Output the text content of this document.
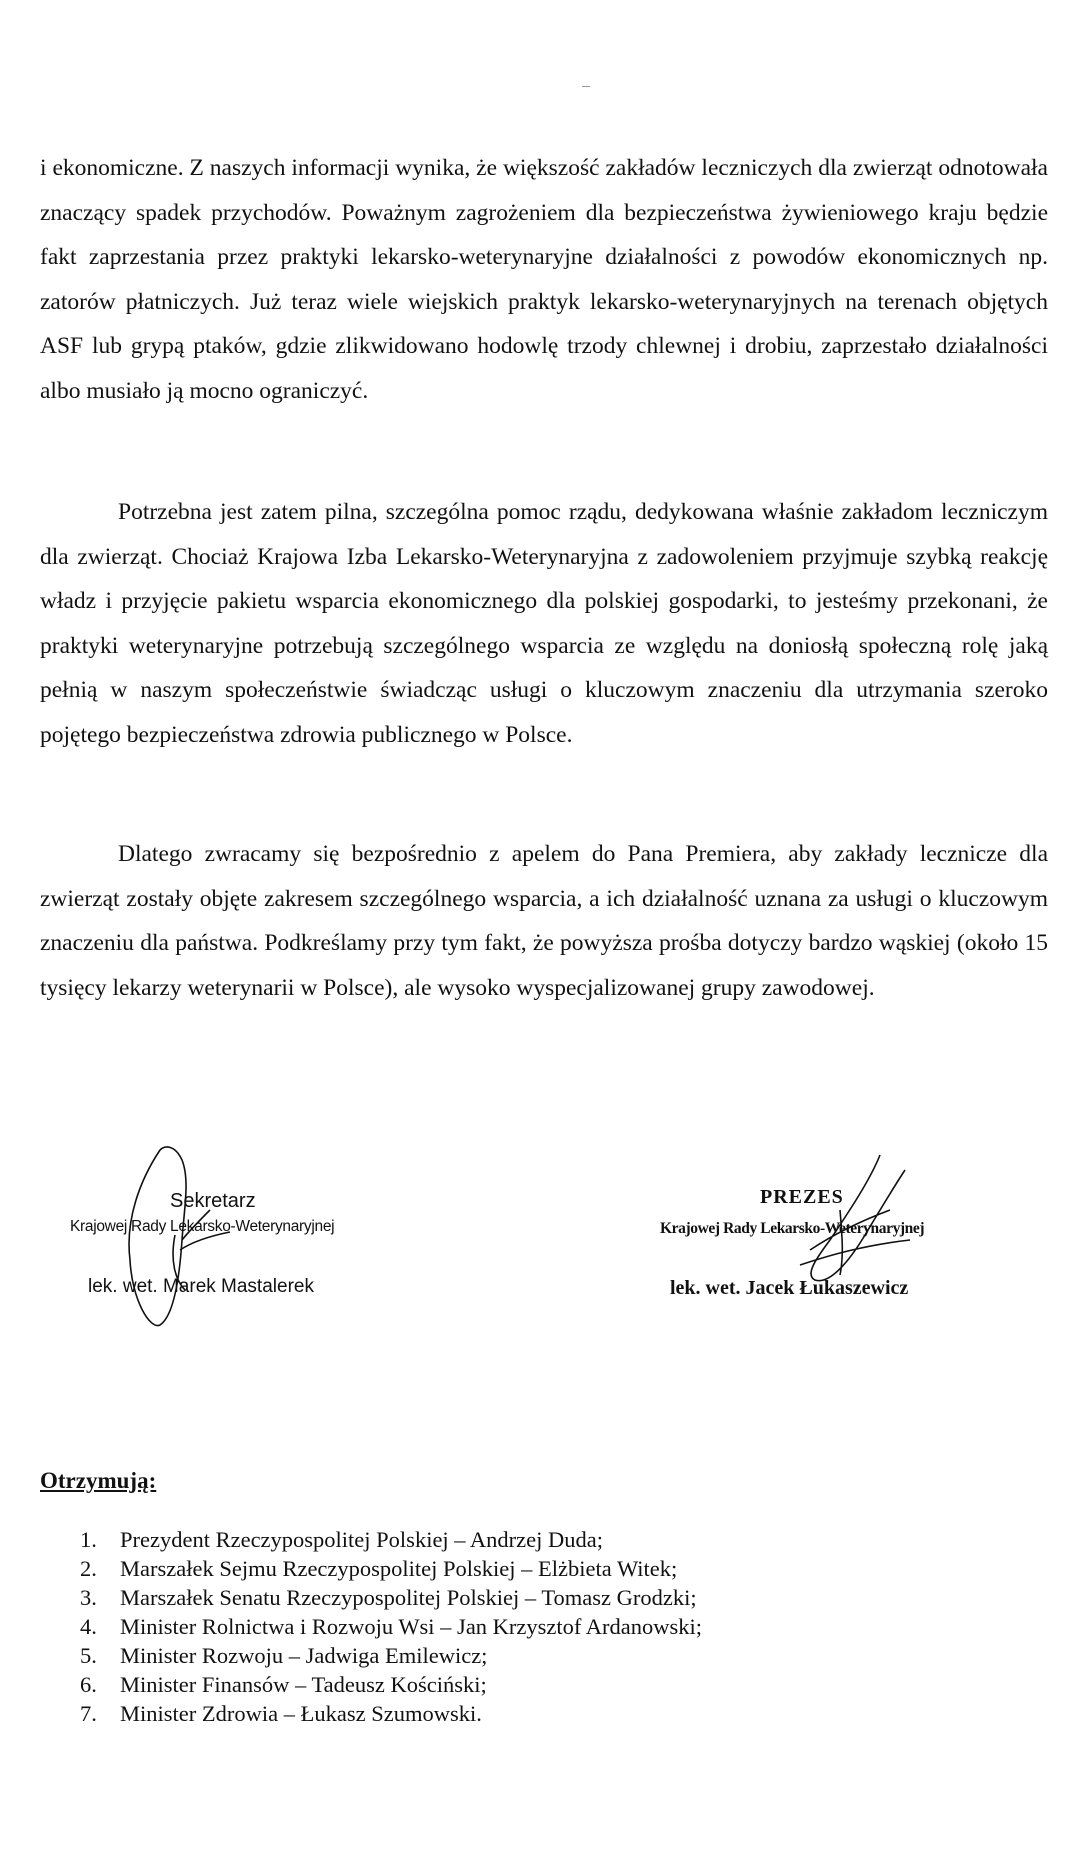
i ekonomiczne. Z naszych informacji wynika, że większość zakładów leczniczych dla zwierząt odnotowała znaczący spadek przychodów. Poważnym zagrożeniem dla bezpieczeństwa żywieniowego kraju będzie fakt zaprzestania przez praktyki lekarsko-weterynaryjne działalności z powodów ekonomicznych np. zatorów płatniczych. Już teraz wiele wiejskich praktyk lekarsko-weterynaryjnych na terenach objętych ASF lub grypą ptaków, gdzie zlikwidowano hodowlę trzody chlewnej i drobiu, zaprzestało działalności albo musiało ją mocno ograniczyć.

Potrzebna jest zatem pilna, szczególna pomoc rządu, dedykowana właśnie zakładom leczniczym dla zwierząt. Chociaż Krajowa Izba Lekarsko-Weterynaryjna z zadowoleniem przyjmuje szybką reakcję władz i przyjęcie pakietu wsparcia ekonomicznego dla polskiej gospodarki, to jesteśmy przekonani, że praktyki weterynaryjne potrzebują szczególnego wsparcia ze względu na doniosłą społeczną rolę jaką pełnią w naszym społeczeństwie świadcząc usługi o kluczowym znaczeniu dla utrzymania szeroko pojętego bezpieczeństwa zdrowia publicznego w Polsce.

Dlatego zwracamy się bezpośrednio z apelem do Pana Premiera, aby zakłady lecznicze dla zwierząt zostały objęte zakresem szczególnego wsparcia, a ich działalność uznana za usługi o kluczowym znaczeniu dla państwa. Podkreślamy przy tym fakt, że powyższa prośba dotyczy bardzo wąskiej (około 15 tysięcy lekarzy weterynarii w Polsce), ale wysoko wyspecjalizowanej grupy zawodowej.

Sekretarz
Krajowej Rady Lekarsko-Weterynaryjnej
lek. wet. Marek Mastalerek
PREZES
Krajowej Rady Lekarsko-Weterynaryjnej
lek. wet. Jacek Łukaszewicz
Otrzymują:
1.	Prezydent Rzeczypospolitej Polskiej – Andrzej Duda;
2.	Marszałek Sejmu Rzeczypospolitej Polskiej – Elżbieta Witek;
3.	Marszałek Senatu Rzeczypospolitej Polskiej – Tomasz Grodzki;
4.	Minister Rolnictwa i Rozwoju Wsi – Jan Krzysztof Ardanowski;
5.	Minister Rozwoju – Jadwiga Emilewicz;
6.	Minister Finansów – Tadeusz Kościński;
7.	Minister Zdrowia – Łukasz Szumowski.
